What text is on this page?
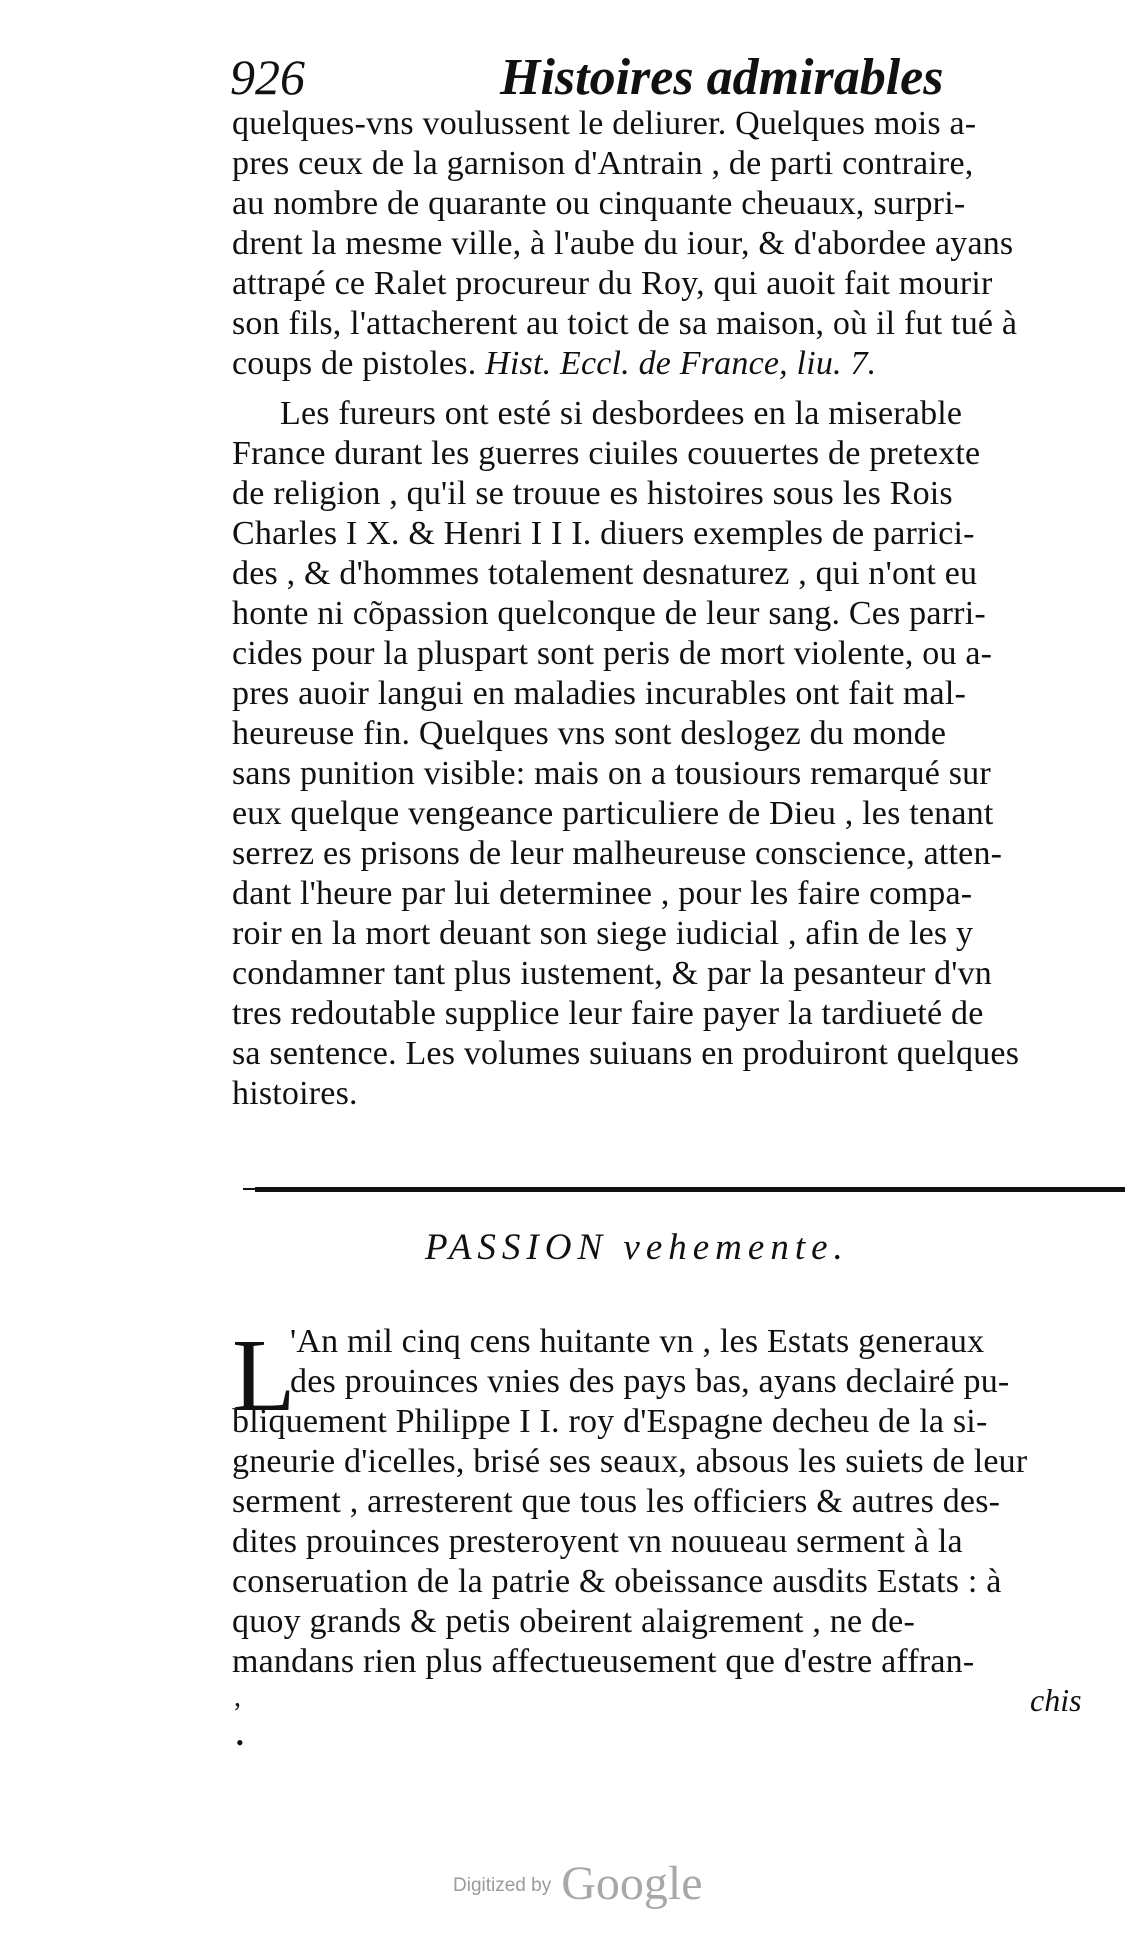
926	Histoires admirables
quelques-vns voulussent le deliurer. Quelques mois a-
pres ceux de la garnison d'Antrain , de parti contraire,
au nombre de quarante ou cinquante cheuaux, surpri-
drent la mesme ville, à l'aube du iour, & d'abordee ayans
attrapé ce Ralet procureur du Roy, qui auoit fait mourir
son fils, l'attacherent au toict de sa maison, où il fut tué à
coups de pistoles. Hist. Eccl. de France, liu. 7.
Les fureurs ont esté si desbordees en la miserable
France durant les guerres ciuiles couuertes de pretexte
de religion , qu'il se trouue es histoires sous les Rois
Charles I X. & Henri I I I. diuers exemples de parrici-
des , & d'hommes totalement desnaturez , qui n'ont eu
honte ni cõpassion quelconque de leur sang. Ces parri-
cides pour la pluspart sont peris de mort violente, ou a-
pres auoir langui en maladies incurables ont fait mal-
heureuse fin. Quelques vns sont deslogez du monde
sans punition visible: mais on a tousiours remarqué sur
eux quelque vengeance particuliere de Dieu , les tenant
serrez es prisons de leur malheureuse conscience, atten-
dant l'heure par lui determinee , pour les faire compa-
roir en la mort deuant son siege iudicial , afin de les y
condamner tant plus iustement, & par la pesanteur d'vn
tres redoutable supplice leur faire payer la tardiueté de
sa sentence. Les volumes suiuans en produiront quelques
histoires.
PASSION vehemente.
L
'An mil cinq cens huitante vn , les Estats generaux
des prouinces vnies des pays bas, ayans declairé pu-
bliquement Philippe I I. roy d'Espagne decheu de la si-
gneurie d'icelles, brisé ses seaux, absous les suiets de leur
serment , arresterent que tous les officiers & autres des-
dites prouinces presteroyent vn nouueau serment à la
conseruation de la patrie & obeissance ausdits Estats : à
quoy grands & petis obeirent alaigrement , ne de-
mandans rien plus affectueusement que d'estre affran-
,	chis
•
Digitized by Google
